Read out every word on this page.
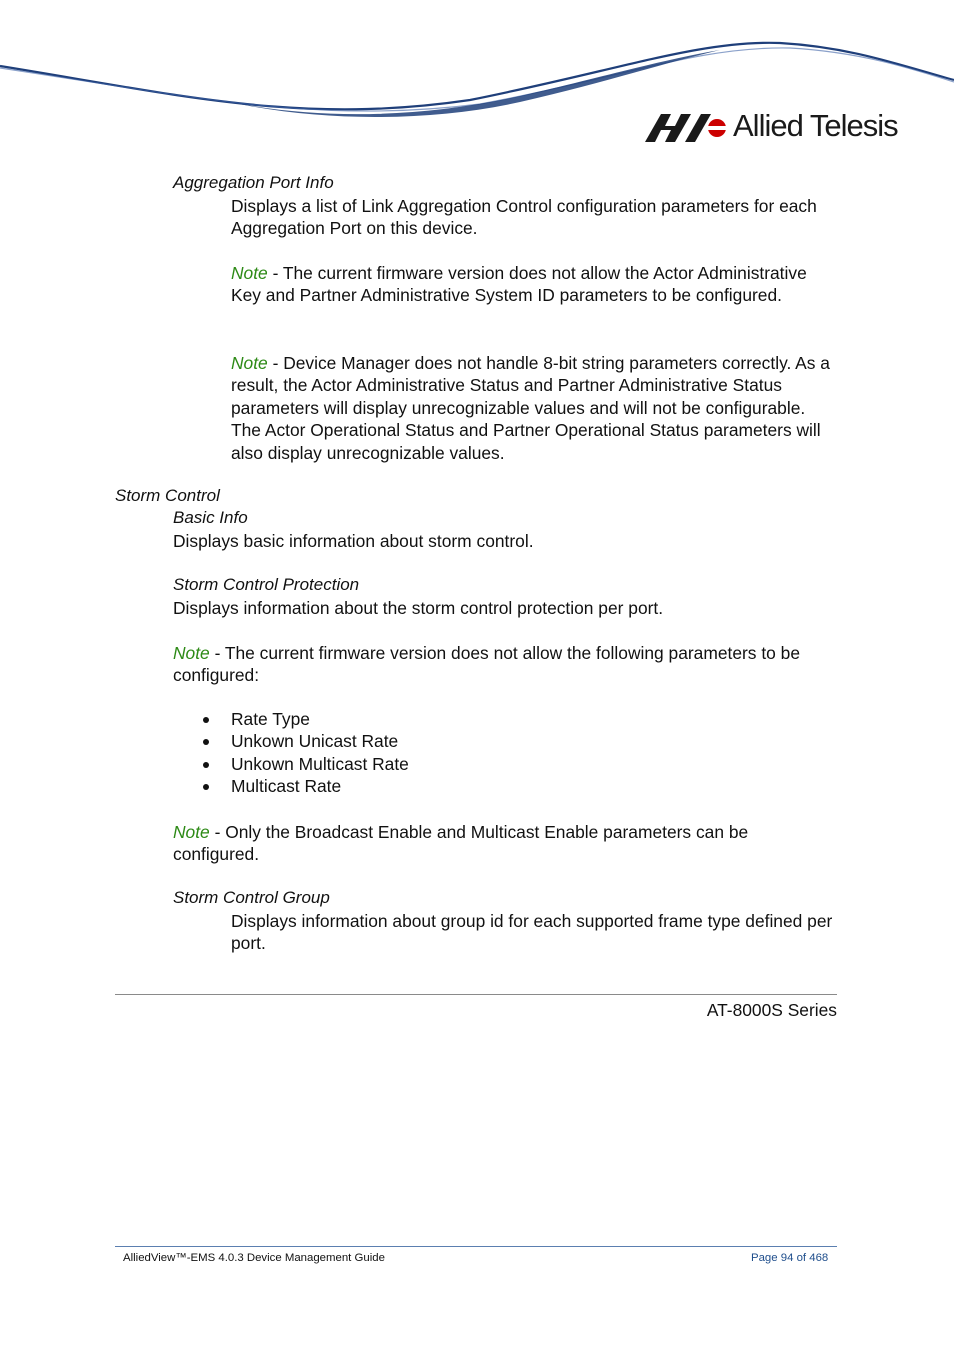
Allied Telesis
Aggregation Port Info
Displays a list of Link Aggregation Control configuration parameters for each Aggregation Port on this device.
Note - The current firmware version does not allow the Actor Administrative Key and Partner Administrative System ID parameters to be configured.
Note - Device Manager does not handle 8-bit string parameters correctly. As a result, the Actor Administrative Status and Partner Administrative Status parameters will display unrecognizable values and will not be configurable. The Actor Operational Status and Partner Operational Status parameters will also display unrecognizable values.
Storm Control
Basic Info
Displays basic information about storm control.
Storm Control Protection
Displays information about the storm control protection per port.
Note - The current firmware version does not allow the following parameters to be configured:
Rate Type
Unkown Unicast Rate
Unkown Multicast Rate
Multicast Rate
Note - Only the Broadcast Enable and Multicast Enable parameters can be configured.
Storm Control Group
Displays information about group id for each supported frame type defined per port.
AT-8000S Series
AlliedView™-EMS 4.0.3 Device Management Guide	Page 94 of 468
